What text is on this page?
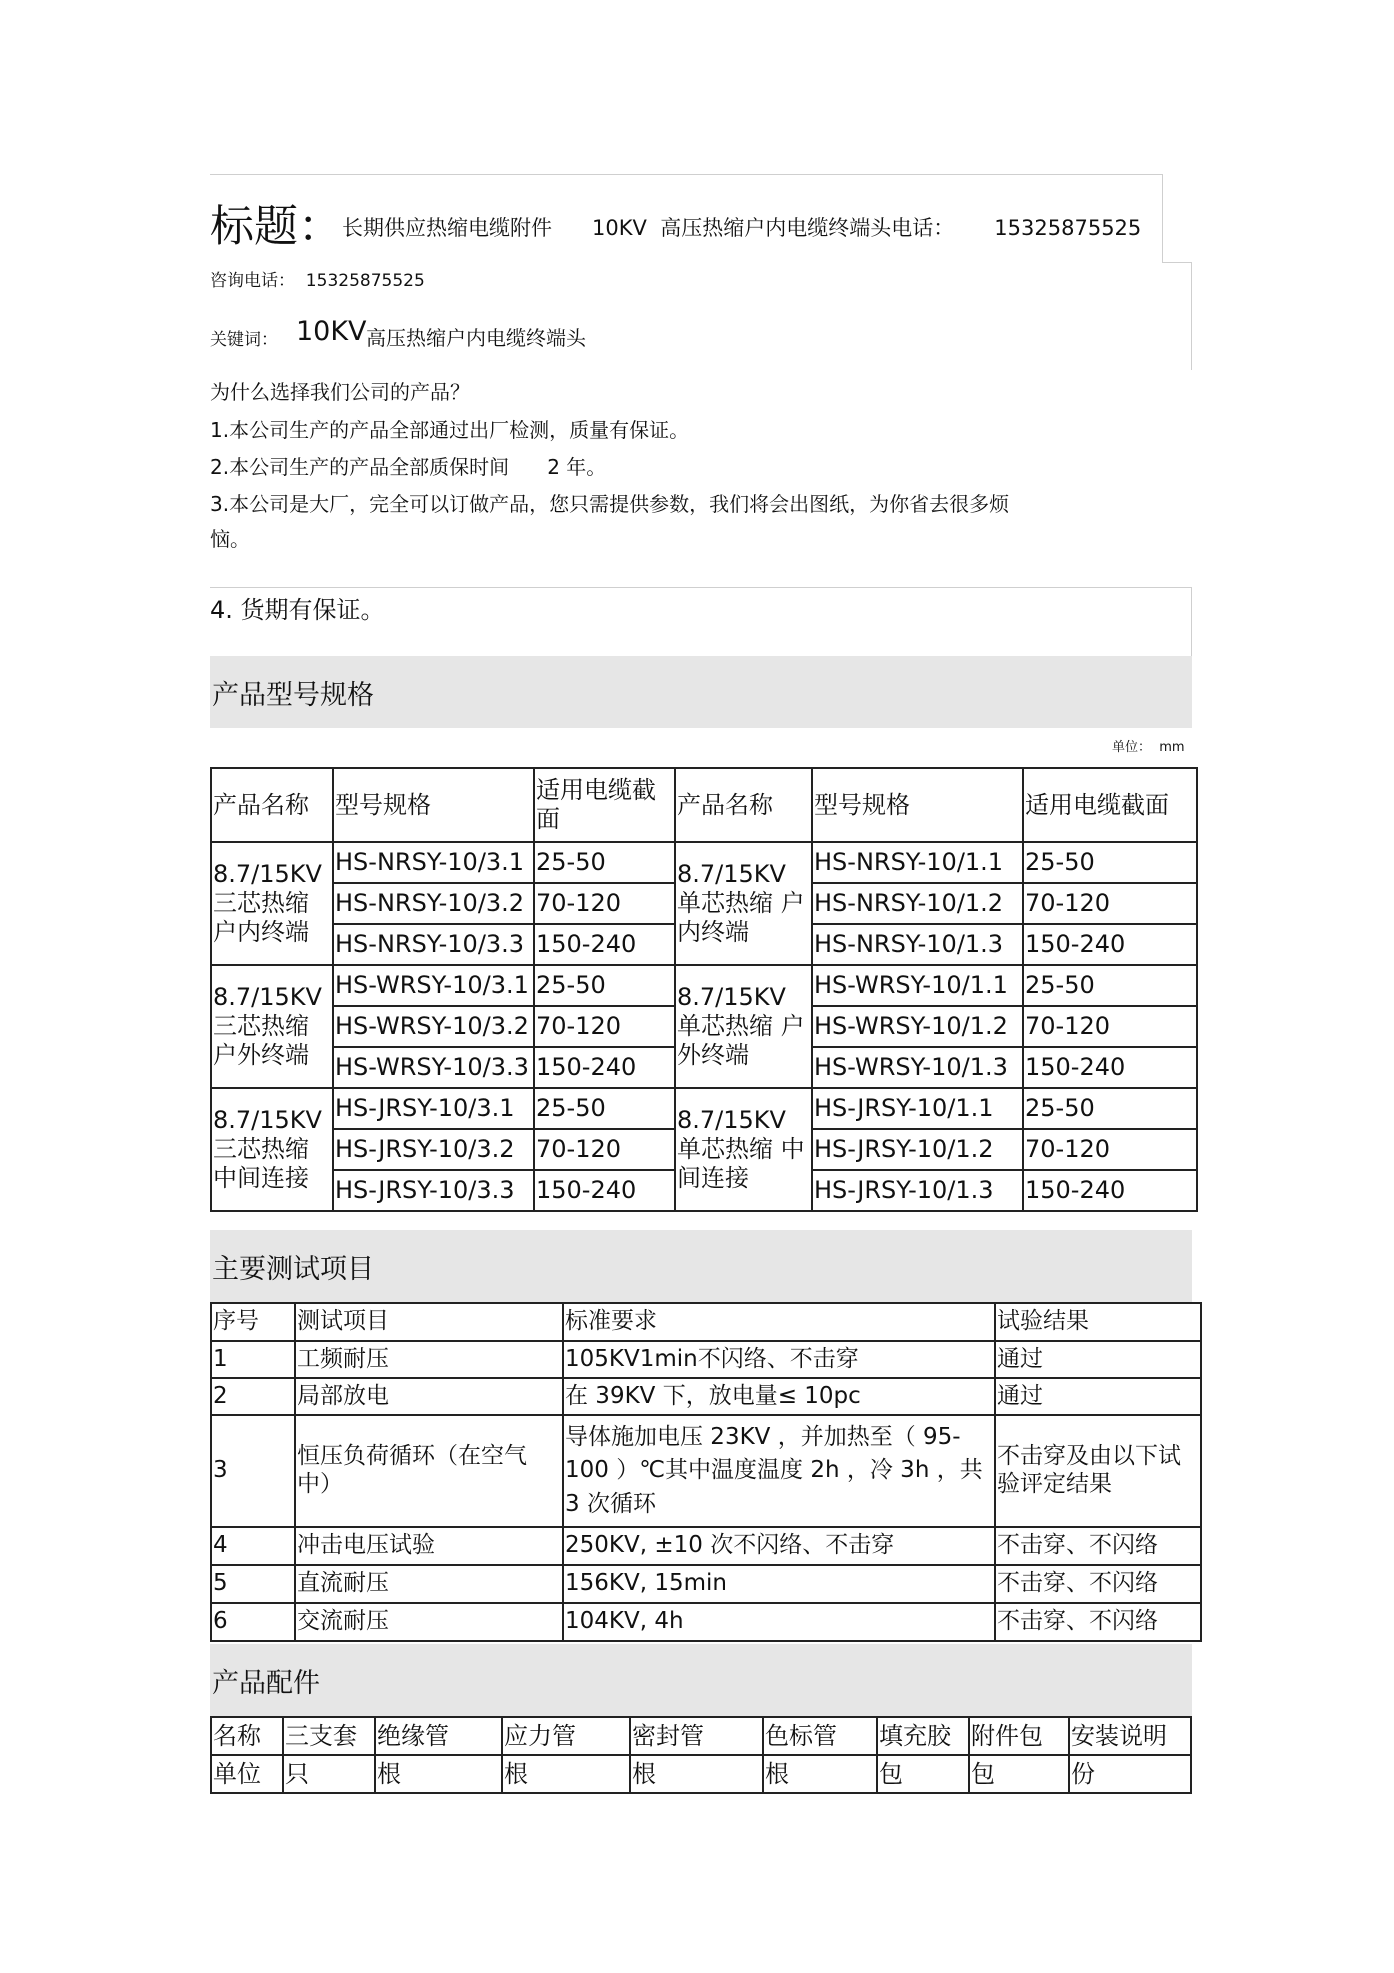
标题： 长期供应热缩电缆附件      10KV  高压热缩户内电缆终端头电话：      15325875525
咨询电话：  15325875525
关键词： 10KV 高压热缩户内电缆终端头
为什么选择我们公司的产品？
1.本公司生产的产品全部通过出厂检测，质量有保证。
2.本公司生产的产品全部质保时间      2 年。
3.本公司是大厂，完全可以订做产品，您只需提供参数，我们将会出图纸，为你省去很多烦
恼。
4. 货期有保证。
产品型号规格
单位：  mm
产品名称	型号规格	适用电缆截面	产品名称	型号规格	适用电缆截面
8.7/15KV 三芯热缩 户内终端	HS-NRSY-10/3.1	25-50	8.7/15KV 单芯热缩 户内终端	HS-NRSY-10/1.1	25-50
	HS-NRSY-10/3.2	70-120		HS-NRSY-10/1.2	70-120
	HS-NRSY-10/3.3	150-240		HS-NRSY-10/1.3	150-240
8.7/15KV 三芯热缩 户外终端	HS-WRSY-10/3.1	25-50	8.7/15KV 单芯热缩 户外终端	HS-WRSY-10/1.1	25-50
	HS-WRSY-10/3.2	70-120		HS-WRSY-10/1.2	70-120
	HS-WRSY-10/3.3	150-240		HS-WRSY-10/1.3	150-240
8.7/15KV 三芯热缩 中间连接	HS-JRSY-10/3.1	25-50	8.7/15KV 单芯热缩 中间连接	HS-JRSY-10/1.1	25-50
	HS-JRSY-10/3.2	70-120		HS-JRSY-10/1.2	70-120
	HS-JRSY-10/3.3	150-240		HS-JRSY-10/1.3	150-240
主要测试项目
序号	测试项目	标准要求	试验结果
1	工频耐压	105KV1min不闪络、不击穿	通过
2	局部放电	在 39KV 下，放电量≤ 10pc	通过
3	恒压负荷循环（在空气中）	导体施加电压 23KV ，并加热至（ 95-100 ）℃其中温度温度 2h ，冷 3h ，共 3 次循环	不击穿及由以下试验评定结果
4	冲击电压试验	250KV, ±10 次不闪络、不击穿	不击穿、不闪络
5	直流耐压	156KV, 15min	不击穿、不闪络
6	交流耐压	104KV, 4h	不击穿、不闪络
产品配件
名称	三支套	绝缘管	应力管	密封管	色标管	填充胶	附件包	安装说明
单位	只	根	根	根	根	包	包	份
